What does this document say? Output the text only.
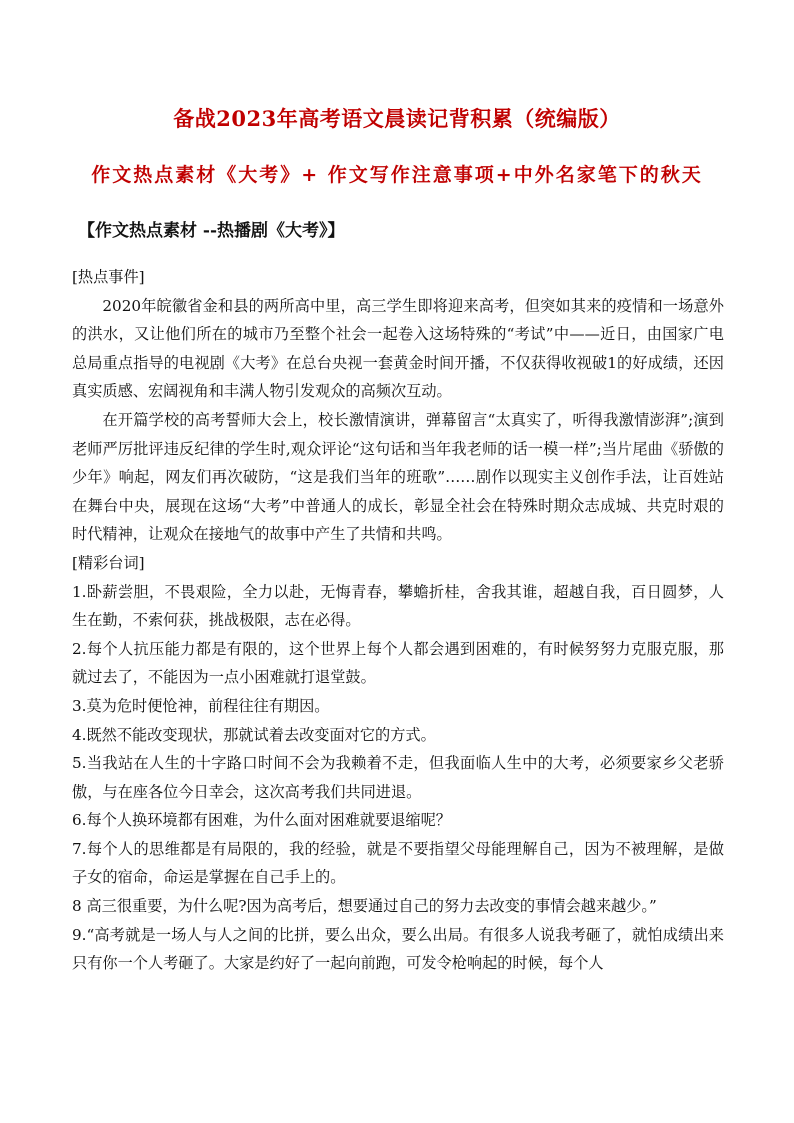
备战2023年高考语文晨读记背积累（统编版）
作文热点素材《大考》+ 作文写作注意事项+中外名家笔下的秋天
【作文热点素材 --热播剧《大考》】
[热点事件]

2020年皖徽省金和县的两所高中里，高三学生即将迎来高考，但突如其来的疫情和一场意外的洪水，又让他们所在的城市乃至整个社会一起卷入这场特殊的“考试”中——近日，由国家广电总局重点指导的电视剧《大考》在总台央视一套黄金时间开播，不仅获得收视破1的好成绩，还因真实质感、宏阔视角和丰满人物引发观众的高频次互动。

在开篇学校的高考誓师大会上，校长激情演讲，弹幕留言“太真实了，听得我激情澎湃”;演到老师严厉批评违反纪律的学生时,观众评论“这句话和当年我老师的话一模一样”;当片尾曲《骄傲的少年》响起，网友们再次破防，“这是我们当年的班歌”……剧作以现实主义创作手法，让百姓站在舞台中央，展现在这场“大考”中普通人的成长，彰显全社会在特殊时期众志成城、共克时艰的时代精神，让观众在接地气的故事中产生了共情和共鸣。

[精彩台词]
1.卧薪尝胆，不畏艰险，全力以赴，无悔青春，攀蟾折桂，舍我其谁，超越自我，百日圆梦，人生在勤，不索何获，挑战极限，志在必得。
2.每个人抗压能力都是有限的，这个世界上每个人都会遇到困难的，有时候努努力克服克服，那就过去了，不能因为一点小困难就打退堂鼓。
3.莫为危时便怆神，前程往往有期因。
4.既然不能改变现状，那就试着去改变面对它的方式。
5.当我站在人生的十字路口时间不会为我赖着不走，但我面临人生中的大考，必须要家乡父老骄傲，与在座各位今日幸会，这次高考我们共同进退。
6.每个人换环境都有困难，为什么面对困难就要退缩呢？
7.每个人的思维都是有局限的，我的经验，就是不要指望父母能理解自己，因为不被理解，是做子女的宿命，命运是掌握在自己手上的。
8 高三很重要，为什么呢?因为高考后，想要通过自己的努力去改变的事情会越来越少。”
9.“高考就是一场人与人之间的比拼，要么出众，要么出局。有很多人说我考砸了，就怕成绩出来只有你一个人考砸了。大家是约好了一起向前跑，可发令枪响起的时候，每个人
